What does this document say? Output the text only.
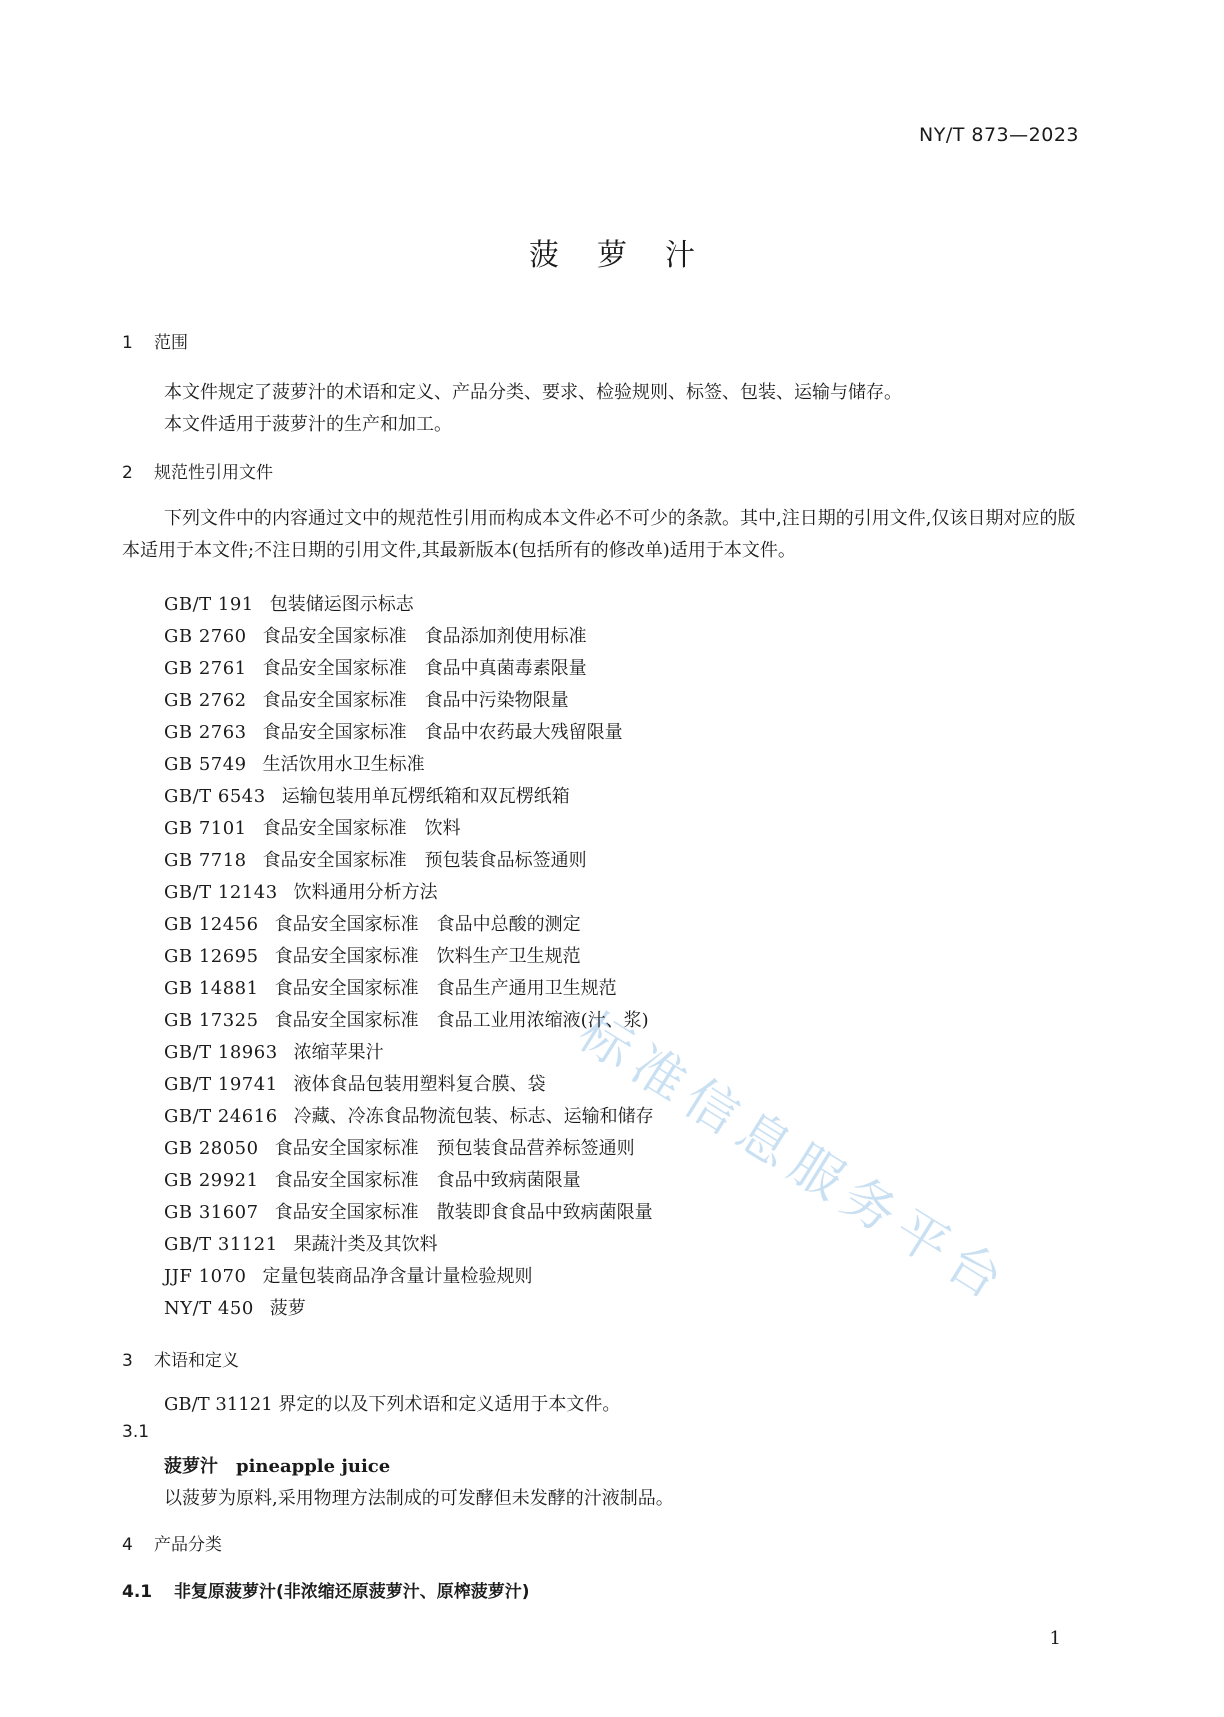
标准信息服务平台
NY/T 873—2023
菠萝汁
1 范围
本文件规定了菠萝汁的术语和定义、产品分类、要求、检验规则、标签、包装、运输与储存。
本文件适用于菠萝汁的生产和加工。
2 规范性引用文件
下列文件中的内容通过文中的规范性引用而构成本文件必不可少的条款。其中,注日期的引用文件,仅该日期对应的版本适用于本文件;不注日期的引用文件,其最新版本(包括所有的修改单)适用于本文件。
GB/T 191 包装储运图示标志
GB 2760 食品安全国家标准　食品添加剂使用标准
GB 2761 食品安全国家标准　食品中真菌毒素限量
GB 2762 食品安全国家标准　食品中污染物限量
GB 2763 食品安全国家标准　食品中农药最大残留限量
GB 5749 生活饮用水卫生标准
GB/T 6543 运输包装用单瓦楞纸箱和双瓦楞纸箱
GB 7101 食品安全国家标准　饮料
GB 7718 食品安全国家标准　预包装食品标签通则
GB/T 12143 饮料通用分析方法
GB 12456 食品安全国家标准　食品中总酸的测定
GB 12695 食品安全国家标准　饮料生产卫生规范
GB 14881 食品安全国家标准　食品生产通用卫生规范
GB 17325 食品安全国家标准　食品工业用浓缩液(汁、浆)
GB/T 18963 浓缩苹果汁
GB/T 19741 液体食品包装用塑料复合膜、袋
GB/T 24616 冷藏、冷冻食品物流包装、标志、运输和储存
GB 28050 食品安全国家标准　预包装食品营养标签通则
GB 29921 食品安全国家标准　食品中致病菌限量
GB 31607 食品安全国家标准　散装即食食品中致病菌限量
GB/T 31121 果蔬汁类及其饮料
JJF 1070 定量包装商品净含量计量检验规则
NY/T 450 菠萝
3 术语和定义
GB/T 31121 界定的以及下列术语和定义适用于本文件。
3.1
菠萝汁 pineapple juice
以菠萝为原料,采用物理方法制成的可发酵但未发酵的汁液制品。
4 产品分类
4.1 非复原菠萝汁(非浓缩还原菠萝汁、原榨菠萝汁)
1
